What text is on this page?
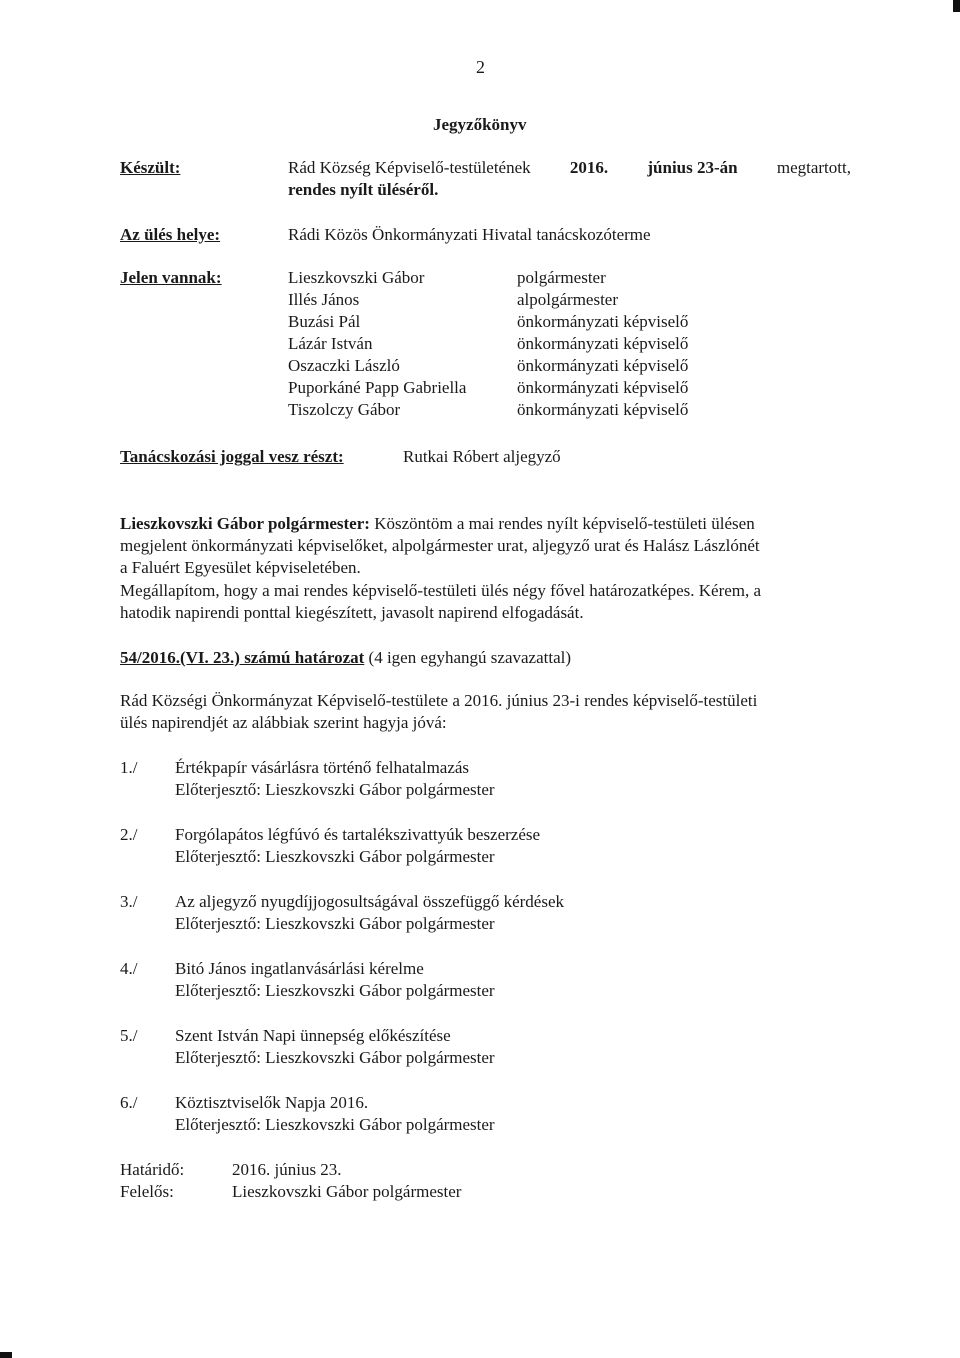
2
Jegyzőkönyv
Készült:	Rád Község Képviselő-testületének 2016. június 23-án megtartott,
rendes nyílt üléséről.
Az ülés helye:	Rádi Közös Önkormányzati Hivatal tanácskozóterme
Jelen vannak:	Lieszkovszki Gábor	polgármester
Illés János	alpolgármester
Buzási Pál	önkormányzati képviselő
Lázár István	önkormányzati képviselő
Oszaczki László	önkormányzati képviselő
Puporkáné Papp Gabriella	önkormányzati képviselő
Tiszolczy Gábor	önkormányzati képviselő
Tanácskozási joggal vesz részt:	Rutkai Róbert aljegyző
Lieszkovszki Gábor polgármester: Köszöntöm a mai rendes nyílt képviselő-testületi ülésen
megjelent önkormányzati képviselőket, alpolgármester urat, aljegyző urat és Halász Lászlónét
a Faluért Egyesület képviseletében.
Megállapítom, hogy a mai rendes képviselő-testületi ülés négy fővel határozatképes. Kérem, a
hatodik napirendi ponttal kiegészített, javasolt napirend elfogadását.
54/2016.(VI. 23.) számú határozat (4 igen egyhangú szavazattal)
Rád Községi Önkormányzat Képviselő-testülete a 2016. június 23-i rendes képviselő-testületi
ülés napirendjét az alábbiak szerint hagyja jóvá:
1./ Értékpapír vásárlásra történő felhatalmazás
Előterjesztő: Lieszkovszki Gábor polgármester
2./ Forgólapátos légfúvó és tartalékszivattyúk beszerzése
Előterjesztő: Lieszkovszki Gábor polgármester
3./ Az aljegyző nyugdíjjogosultságával összefüggő kérdések
Előterjesztő: Lieszkovszki Gábor polgármester
4./ Bitó János ingatlanvásárlási kérelme
Előterjesztő: Lieszkovszki Gábor polgármester
5./ Szent István Napi ünnepség előkészítése
Előterjesztő: Lieszkovszki Gábor polgármester
6./ Köztisztviselők Napja 2016.
Előterjesztő: Lieszkovszki Gábor polgármester
Határidő:	2016. június 23.
Felelős:	Lieszkovszki Gábor polgármester
